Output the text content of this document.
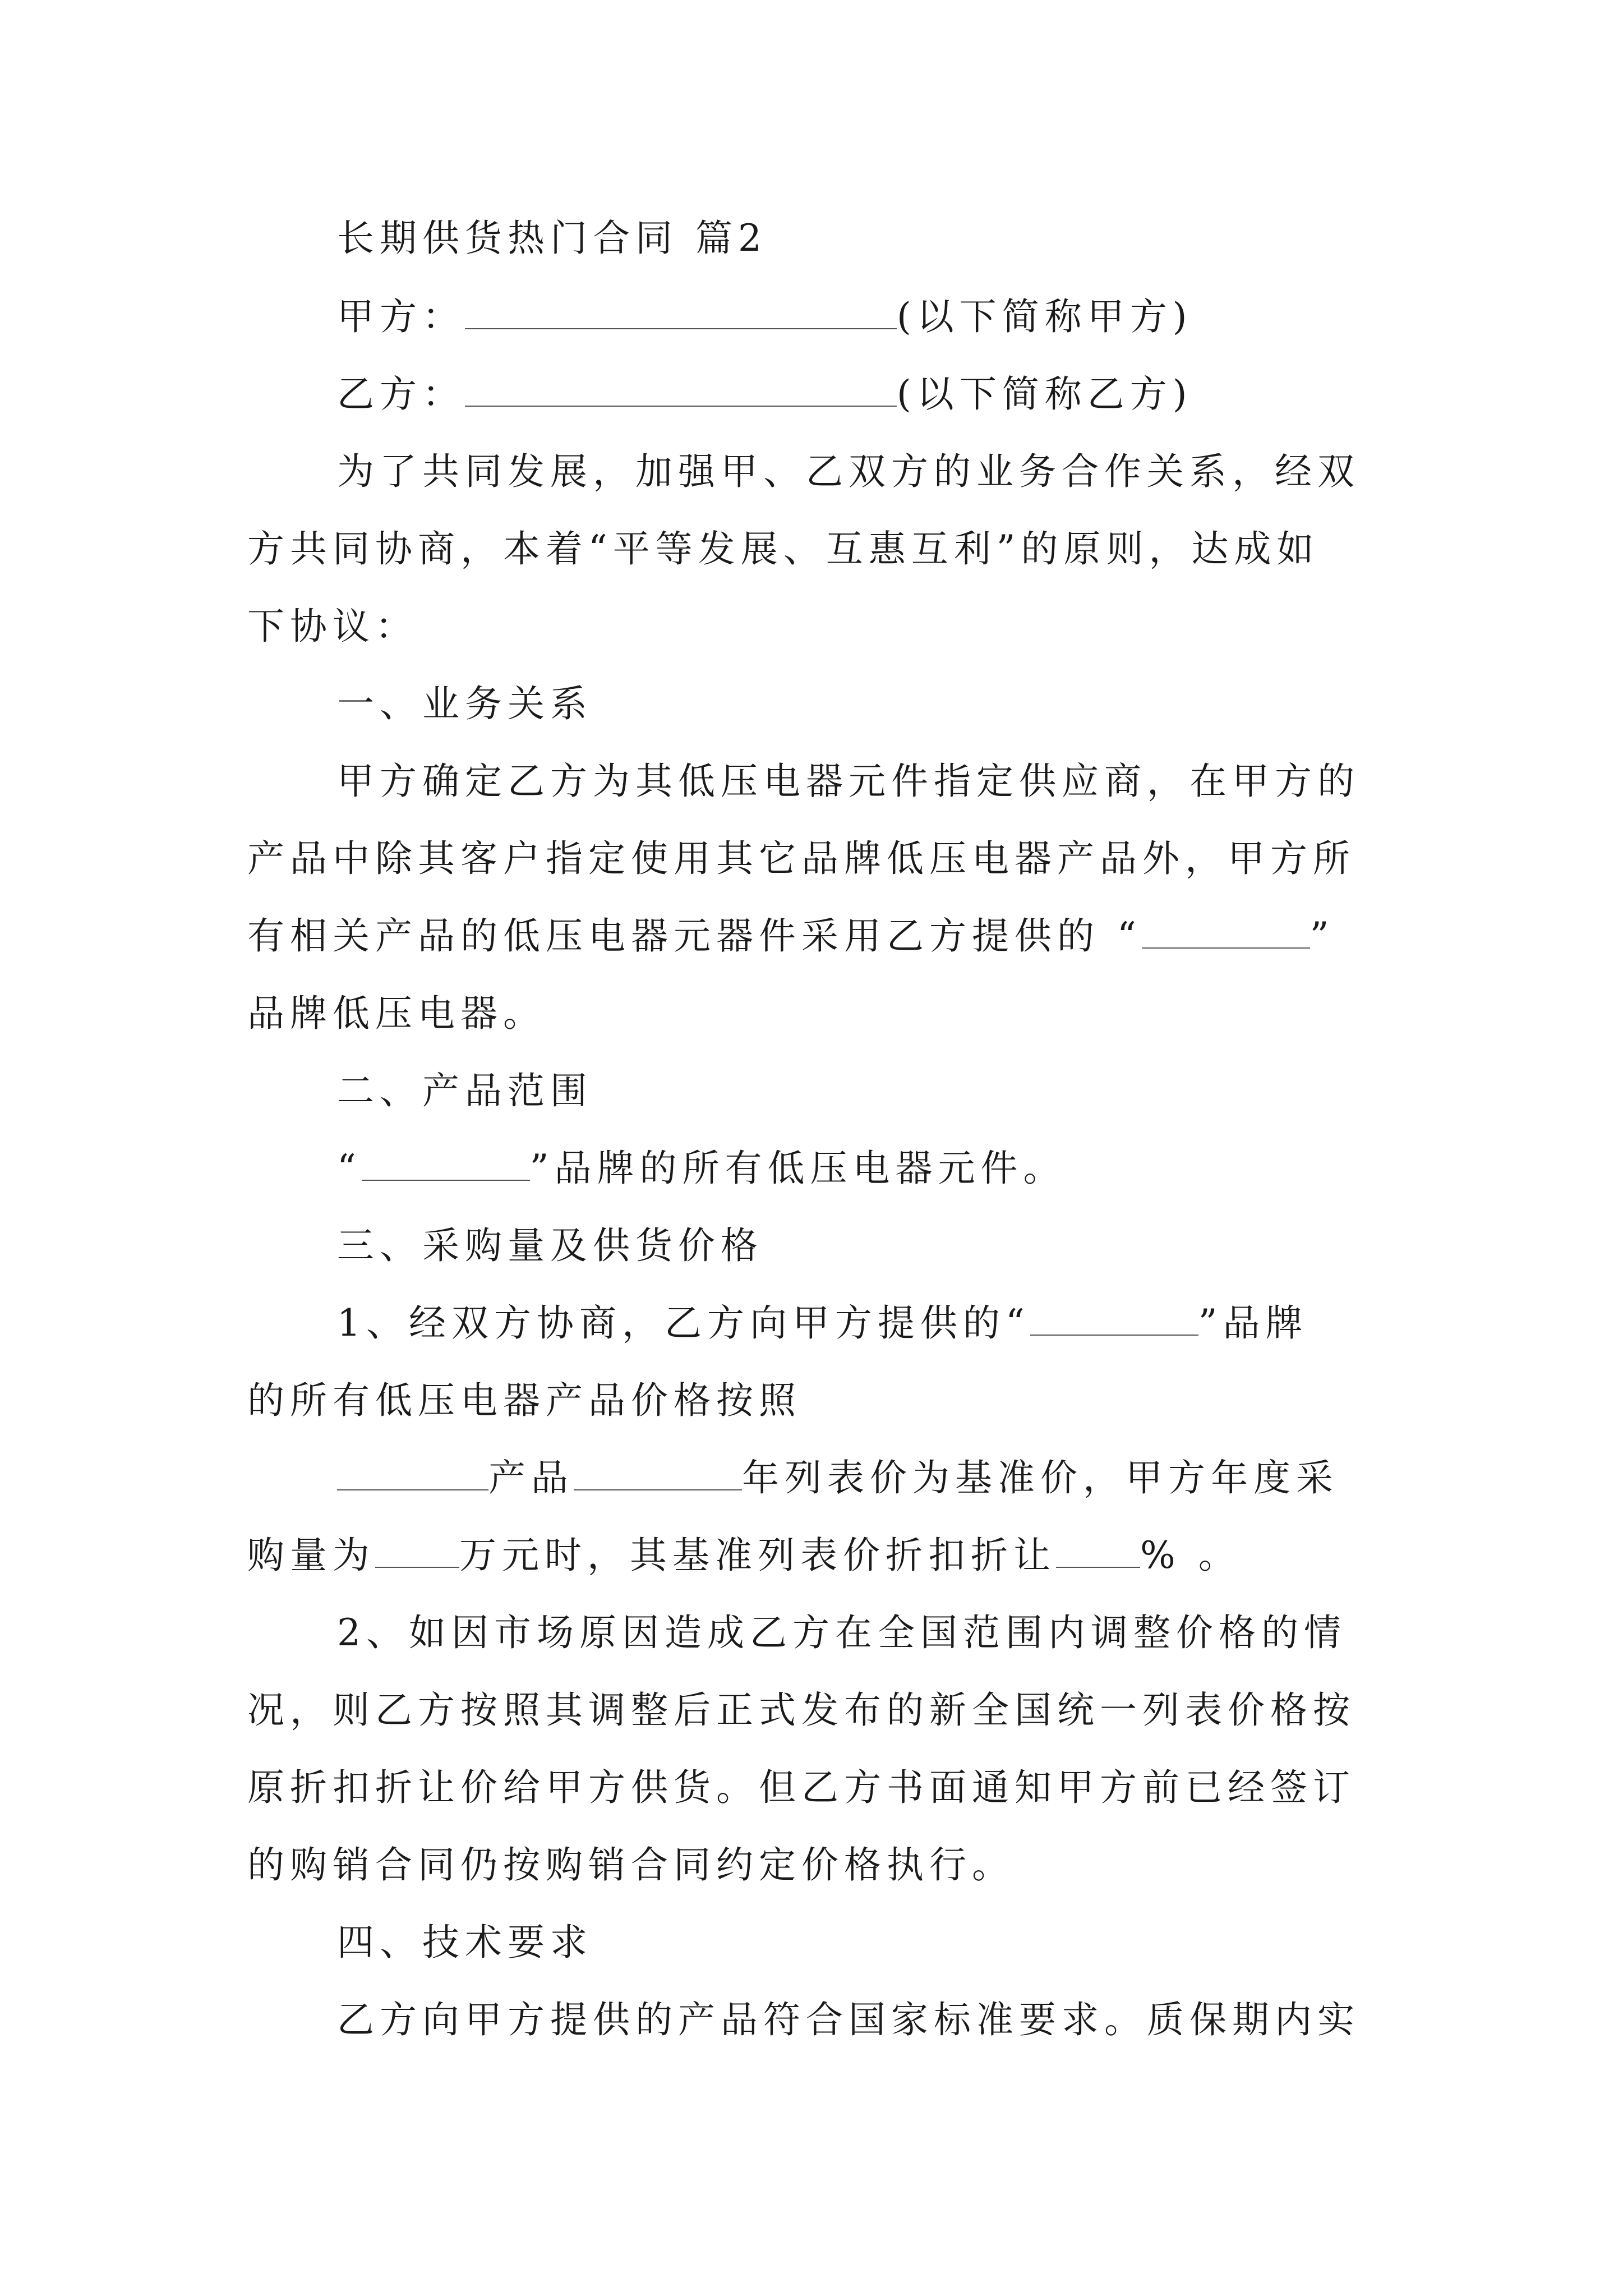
长期供货热门合同 篇2
甲方：	(以下简称甲方)
乙方：	(以下简称乙方)
为了共同发展，加强甲、乙双方的业务合作关系，经双
方共同协商，本着“平等发展、互惠互利”的原则，达成如
下协议：
一、业务关系
甲方确定乙方为其低压电器元件指定供应商，在甲方的
产品中除其客户指定使用其它品牌低压电器产品外，甲方所
有相关产品的低压电器元器件采用乙方提供的 “	”
品牌低压电器。
二、产品范围
“	”品牌的所有低压电器元件。
三、采购量及供货价格
1、经双方协商，乙方向甲方提供的“	”品牌
的所有低压电器产品价格按照
产品	年列表价为基准价，甲方年度采
购量为 万元时，其基准列表价折扣折让 % 。
2、如因市场原因造成乙方在全国范围内调整价格的情
况，则乙方按照其调整后正式发布的新全国统一列表价格按
原折扣折让价给甲方供货。但乙方书面通知甲方前已经签订
的购销合同仍按购销合同约定价格执行。
四、技术要求
乙方向甲方提供的产品符合国家标准要求。质保期内实
